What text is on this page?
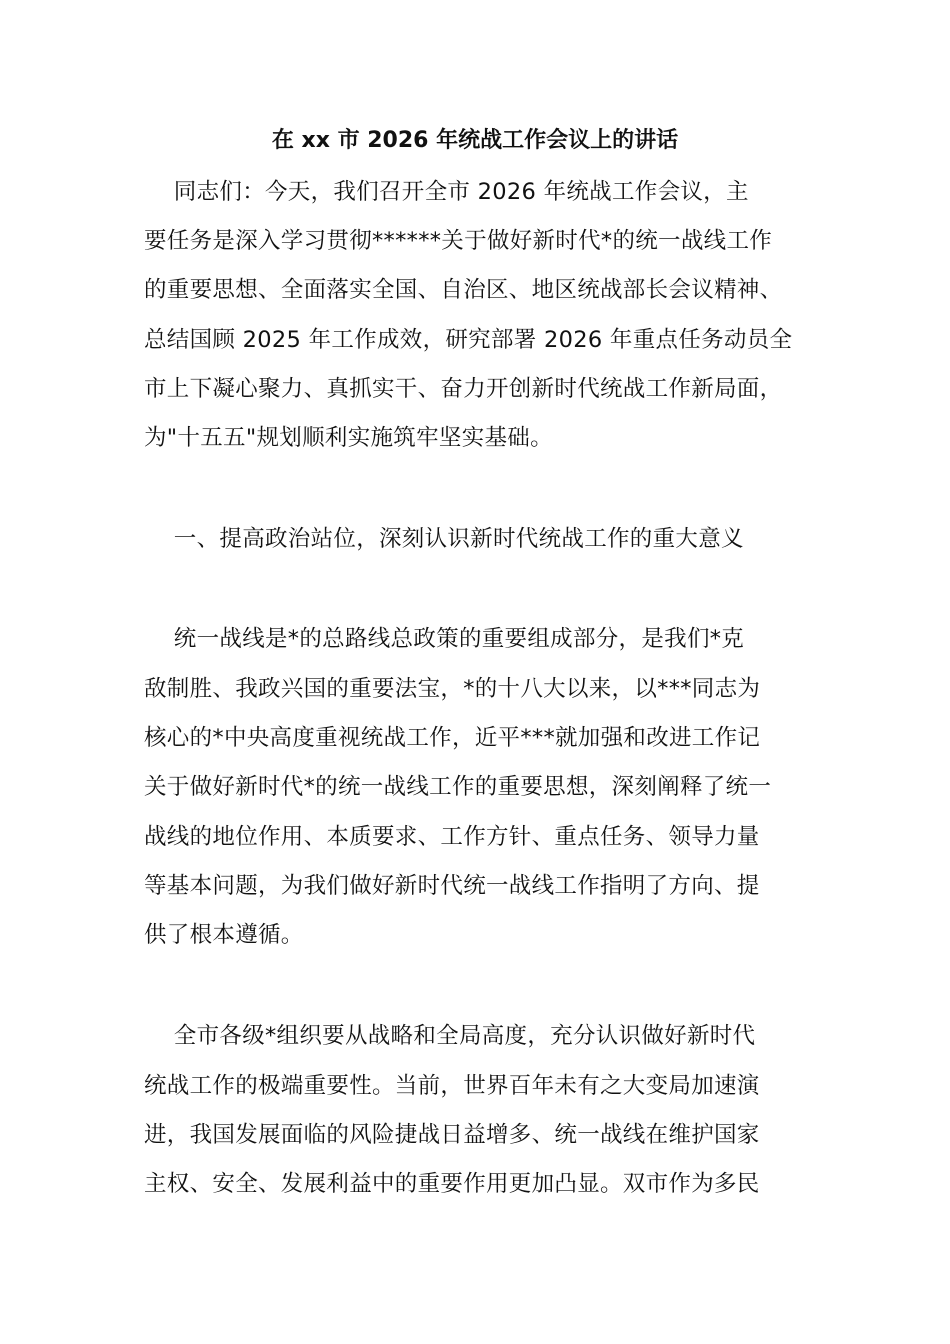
在 xx 市 2026 年统战工作会议上的讲话
同志们：今天，我们召开全市 2026 年统战工作会议，主
要任务是深入学习贯彻******关于做好新时代*的统一战线工作
的重要思想、全面落实全国、自治区、地区统战部长会议精神、
总结国顾 2025 年工作成效，研究部署 2026 年重点任务动员全
市上下凝心聚力、真抓实干、奋力开创新时代统战工作新局面，
为"十五五"规划顺利实施筑牢坚实基础。
一、提高政治站位，深刻认识新时代统战工作的重大意义
统一战线是*的总路线总政策的重要组成部分，是我们*克
敌制胜、我政兴国的重要法宝，*的十八大以来，以***同志为
核心的*中央高度重视统战工作，近平***就加强和改进工作记
关于做好新时代*的统一战线工作的重要思想，深刻阐释了统一
战线的地位作用、本质要求、工作方针、重点任务、领导力量
等基本问题，为我们做好新时代统一战线工作指明了方向、提
供了根本遵循。
全市各级*组织要从战略和全局高度，充分认识做好新时代
统战工作的极端重要性。当前，世界百年未有之大变局加速演
进，我国发展面临的风险捷战日益增多、统一战线在维护国家
主权、安全、发展利益中的重要作用更加凸显。双市作为多民
